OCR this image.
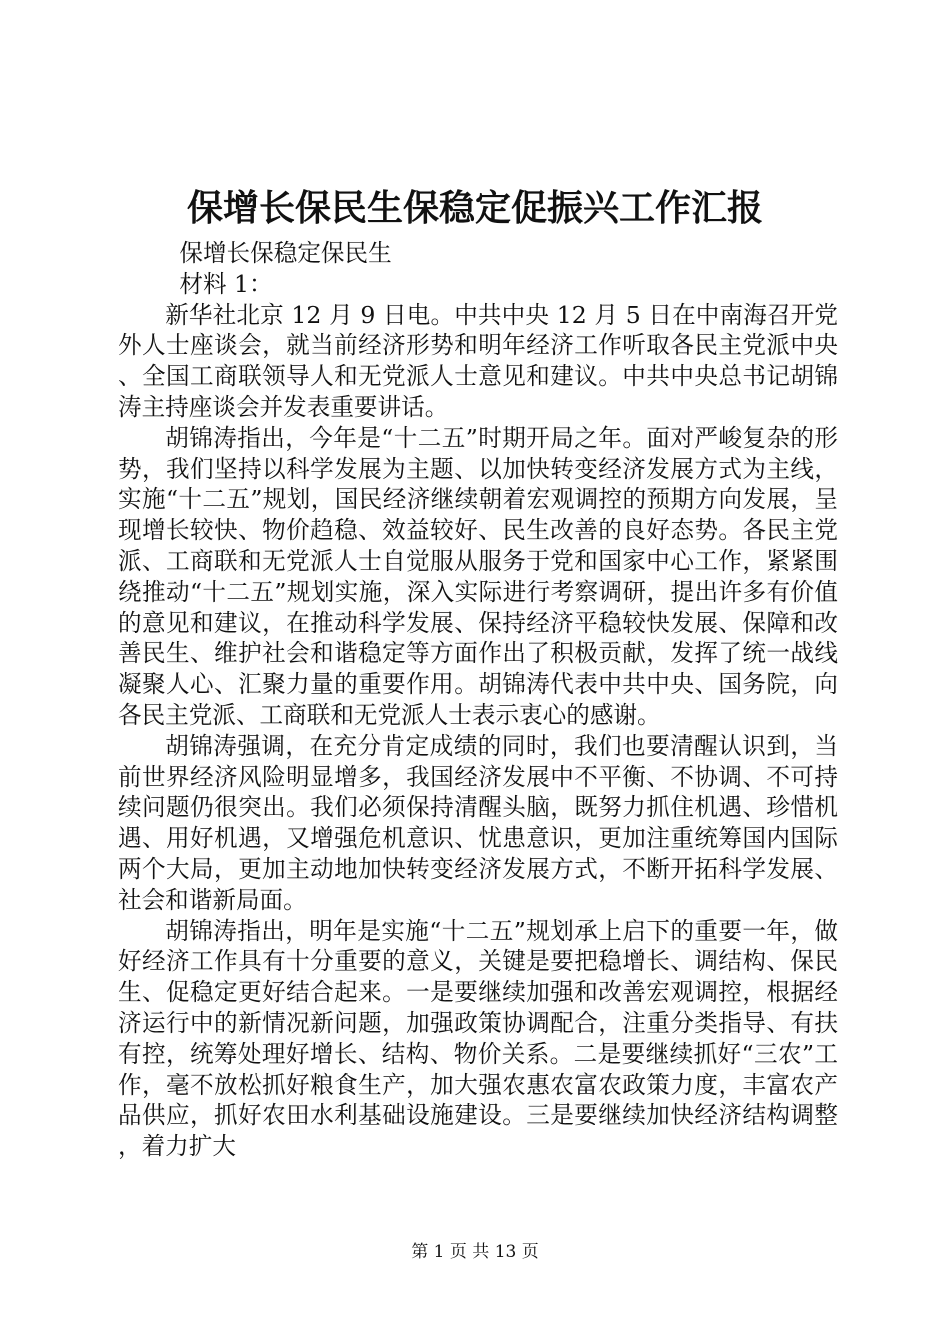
保增长保民生保稳定促振兴工作汇报

保增长保稳定保民生

材料 1：

新华社北京 12 月 9 日电。中共中央 12 月 5 日在中南海召开党外人士座谈会，就当前经济形势和明年经济工作听取各民主党派中央、全国工商联领导人和无党派人士意见和建议。中共中央总书记胡锦涛主持座谈会并发表重要讲话。

胡锦涛指出，今年是“十二五”时期开局之年。面对严峻复杂的形势，我们坚持以科学发展为主题、以加快转变经济发展方式为主线，实施“十二五”规划，国民经济继续朝着宏观调控的预期方向发展，呈现增长较快、物价趋稳、效益较好、民生改善的良好态势。各民主党派、工商联和无党派人士自觉服从服务于党和国家中心工作，紧紧围绕推动“十二五”规划实施，深入实际进行考察调研，提出许多有价值的意见和建议，在推动科学发展、保持经济平稳较快发展、保障和改善民生、维护社会和谐稳定等方面作出了积极贡献，发挥了统一战线凝聚人心、汇聚力量的重要作用。胡锦涛代表中共中央、国务院，向各民主党派、工商联和无党派人士表示衷心的感谢。

胡锦涛强调，在充分肯定成绩的同时，我们也要清醒认识到，当前世界经济风险明显增多，我国经济发展中不平衡、不协调、不可持续问题仍很突出。我们必须保持清醒头脑，既努力抓住机遇、珍惜机遇、用好机遇，又增强危机意识、忧患意识，更加注重统筹国内国际两个大局，更加主动地加快转变经济发展方式，不断开拓科学发展、社会和谐新局面。

胡锦涛指出，明年是实施“十二五”规划承上启下的重要一年，做好经济工作具有十分重要的意义，关键是要把稳增长、调结构、保民生、促稳定更好结合起来。一是要继续加强和改善宏观调控，根据经济运行中的新情况新问题，加强政策协调配合，注重分类指导、有扶有控，统筹处理好增长、结构、物价关系。二是要继续抓好“三农”工作，毫不放松抓好粮食生产，加大强农惠农富农政策力度，丰富农产品供应，抓好农田水利基础设施建设。三是要继续加快经济结构调整，着力扩大

第 1 页 共 13 页
